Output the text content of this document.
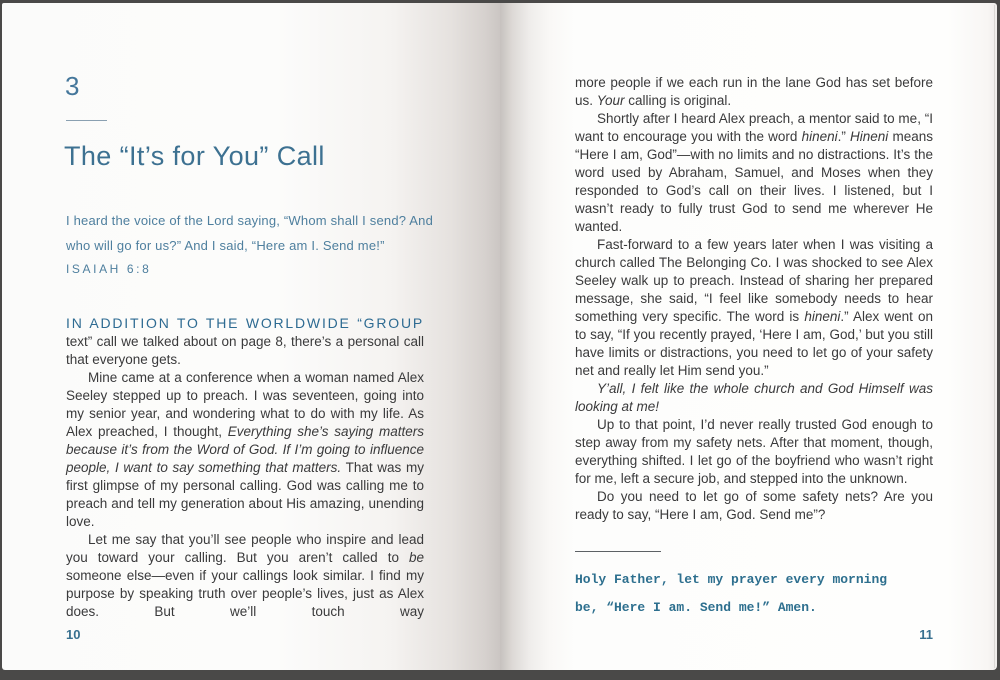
3
The “It’s for You” Call
I heard the voice of the Lord saying, “Whom shall I send? And who will go for us?” And I said, “Here am I. Send me!”
ISAIAH 6:8

IN ADDITION TO THE WORLDWIDE “GROUP text” call we talked about on page 8, there’s a personal call that everyone gets.

Mine came at a conference when a woman named Alex Seeley stepped up to preach. I was seventeen, going into my senior year, and wondering what to do with my life. As Alex preached, I thought, Everything she’s saying matters because it’s from the Word of God. If I’m going to influence people, I want to say something that matters. That was my first glimpse of my personal calling. God was calling me to preach and tell my generation about His amazing, unending love.

Let me say that you’ll see people who inspire and lead you toward your calling. But you aren’t called to be someone else—even if your callings look similar. I find my purpose by speaking truth over people’s lives, just as Alex does. But we’ll touch way

10

more people if we each run in the lane God has set before us. Your calling is original.

Shortly after I heard Alex preach, a mentor said to me, “I want to encourage you with the word hineni.” Hineni means “Here I am, God”—with no limits and no distractions. It’s the word used by Abraham, Samuel, and Moses when they responded to God’s call on their lives. I listened, but I wasn’t ready to fully trust God to send me wherever He wanted.

Fast-forward to a few years later when I was visiting a church called The Belonging Co. I was shocked to see Alex Seeley walk up to preach. Instead of sharing her prepared message, she said, “I feel like somebody needs to hear something very specific. The word is hineni.” Alex went on to say, “If you recently prayed, ‘Here I am, God,’ but you still have limits or distractions, you need to let go of your safety net and really let Him send you.”

Y’all, I felt like the whole church and God Himself was looking at me!

Up to that point, I’d never really trusted God enough to step away from my safety nets. After that moment, though, everything shifted. I let go of the boyfriend who wasn’t right for me, left a secure job, and stepped into the unknown.

Do you need to let go of some safety nets? Are you ready to say, “Here I am, God. Send me”?

Holy Father, let my prayer every morning
be, “Here I am. Send me!” Amen.
11
